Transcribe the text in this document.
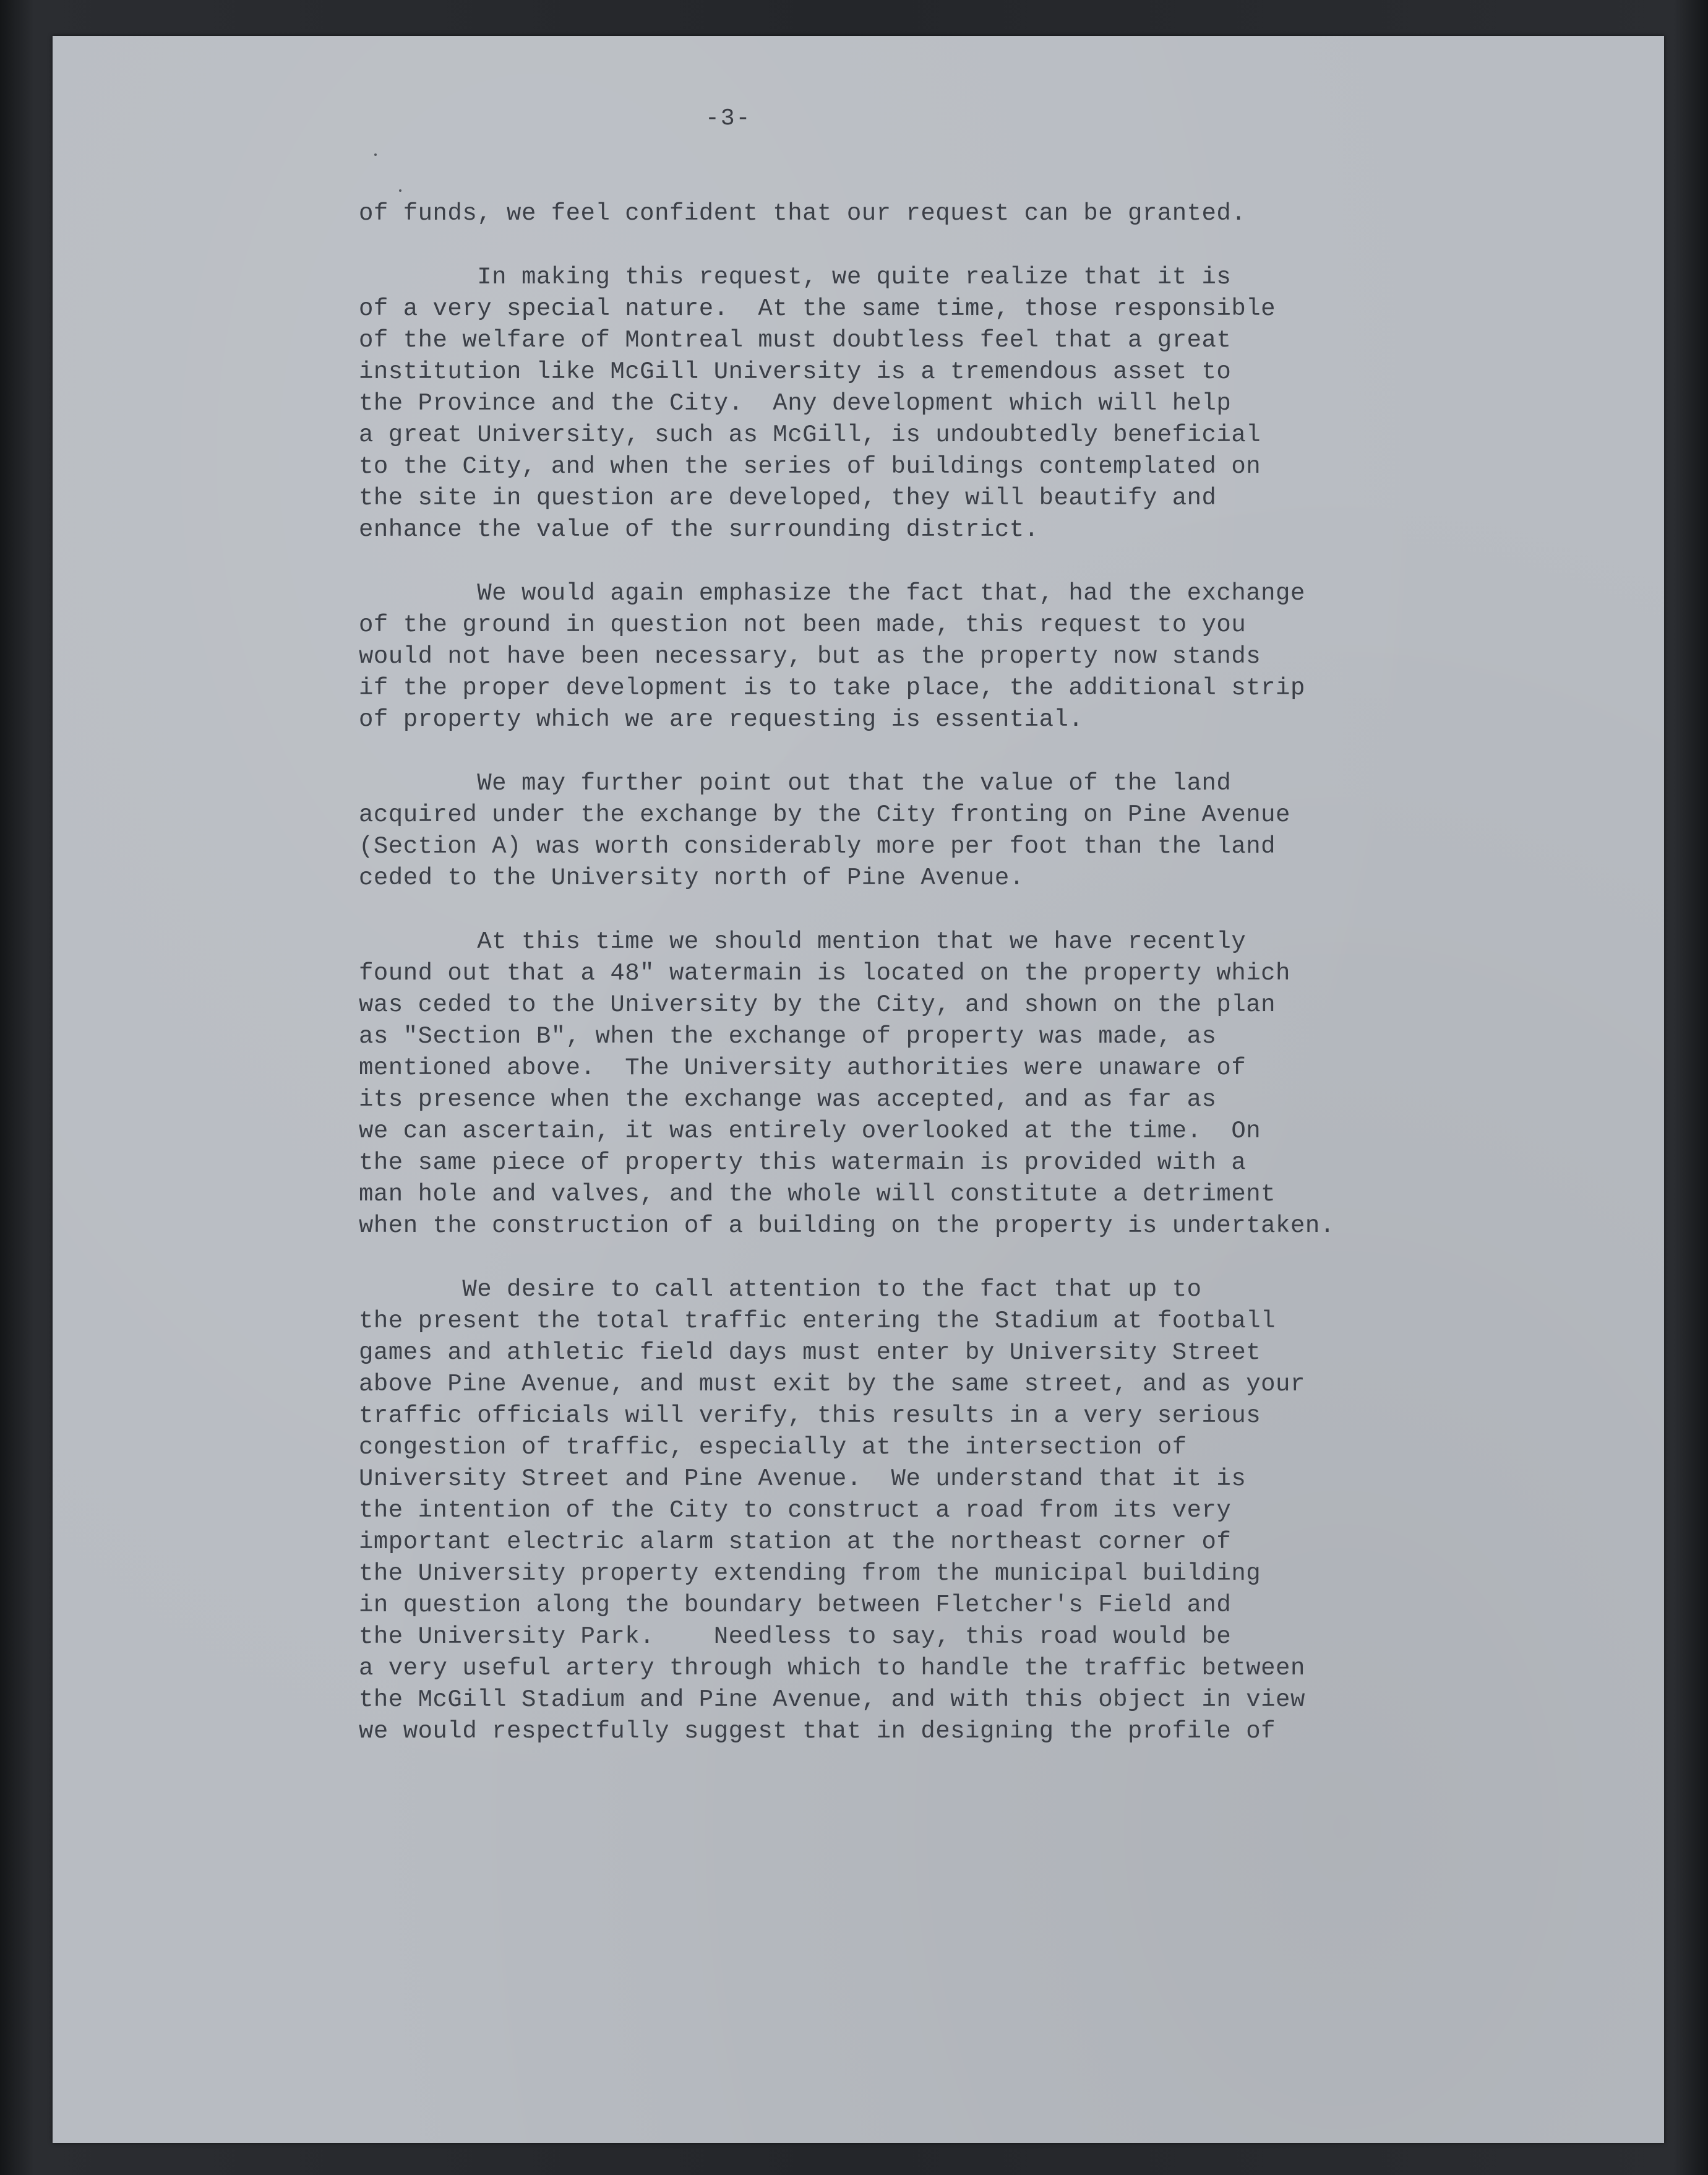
-3-
of funds, we feel confident that our request can be granted.
In making this request, we quite realize that it is
of a very special nature.  At the same time, those responsible
of the welfare of Montreal must doubtless feel that a great
institution like McGill University is a tremendous asset to
the Province and the City.  Any development which will help
a great University, such as McGill, is undoubtedly beneficial
to the City, and when the series of buildings contemplated on
the site in question are developed, they will beautify and
enhance the value of the surrounding district.
We would again emphasize the fact that, had the exchange
of the ground in question not been made, this request to you
would not have been necessary, but as the property now stands
if the proper development is to take place, the additional strip
of property which we are requesting is essential.
We may further point out that the value of the land
acquired under the exchange by the City fronting on Pine Avenue
(Section A) was worth considerably more per foot than the land
ceded to the University north of Pine Avenue.
At this time we should mention that we have recently
found out that a 48" watermain is located on the property which
was ceded to the University by the City, and shown on the plan
as "Section B", when the exchange of property was made, as
mentioned above.  The University authorities were unaware of
its presence when the exchange was accepted, and as far as
we can ascertain, it was entirely overlooked at the time.  On
the same piece of property this watermain is provided with a
man hole and valves, and the whole will constitute a detriment
when the construction of a building on the property is undertaken.
We desire to call attention to the fact that up to
the present the total traffic entering the Stadium at football
games and athletic field days must enter by University Street
above Pine Avenue, and must exit by the same street, and as your
traffic officials will verify, this results in a very serious
congestion of traffic, especially at the intersection of
University Street and Pine Avenue.  We understand that it is
the intention of the City to construct a road from its very
important electric alarm station at the northeast corner of
the University property extending from the municipal building
in question along the boundary between Fletcher's Field and
the University Park.    Needless to say, this road would be
a very useful artery through which to handle the traffic between
the McGill Stadium and Pine Avenue, and with this object in view
we would respectfully suggest that in designing the profile of
